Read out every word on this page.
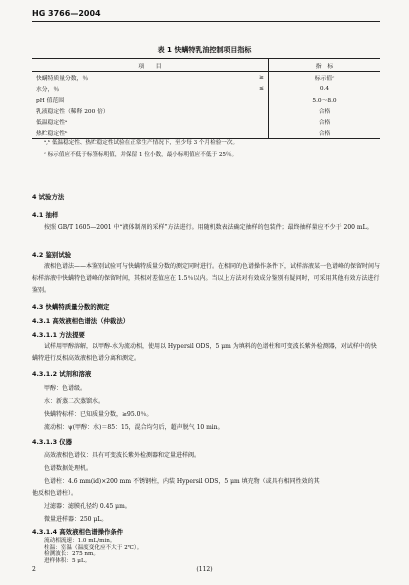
HG 3766—2004
表 1 快螨特乳油控制项目指标
项　　目		指　标
快螨特质量分数，％	≥	标示值ᶜ
水分，％	≤	0.4
pH 值范围		5.0～8.0
乳液稳定性（稀释 200 倍）		合格
低温稳定性ᵃ		合格
热贮稳定性ᵇ		合格
ᵃ,ᵇ 低温稳定性、热贮稳定性试验在正常生产情况下，至少每 3 个月检验一次。
ᶜ 标示值应不低于标签标明值，并保留 1 位小数，最小标明值应不低于 25％。
4 试验方法
4.1 抽样
按照 GB/T 1605—2001 中“液体制剂的采样”方法进行。用随机数表法确定抽样的包装件；最终抽样量应不少于 200 mL。
4.2 鉴别试验
液相色谱法——本鉴别试验可与快螨特质量分数的测定同时进行。在相同的色谱操作条件下，试样溶液某一色谱峰的保留时间与标样溶液中快螨特色谱峰的保留时间，其相对差值应在 1.5％以内。当以上方法对有效成分鉴别有疑问时，可采用其他有效方法进行鉴别。
4.3 快螨特质量分数的测定
4.3.1 高效液相色谱法（仲裁法）
4.3.1.1 方法提要
试样用甲醇溶解，以甲醇-水为流动相，使用以 Hypersil ODS，5 μm 为填料的色谱柱和可变波长紫外检测器，对试样中的快螨特进行反相高效液相色谱分离和测定。
4.3.1.2 试剂和溶液
甲醇：色谱级。
水：新蒸二次蒸馏水。
快螨特标样：已知质量分数，≥95.0％。
流动相：ψ(甲醇：水)＝85：15，混合均匀后，超声脱气 10 min。
4.3.1.3 仪器
高效液相色谱仪：具有可变波长紫外检测器和定量进样阀。
色谱数据处理机。
色谱柱：4.6 mm(id)×200 mm 不锈钢柱，内装 Hypersil ODS，5 μm 填充物（或具有相同性效的其
他反相色谱柱）。
过滤器：滤膜孔径约 0.45 μm。
微量进样器：250 μL。
4.3.1.4 高效液相色谱操作条件
流动相流速：1.0 mL/min。
柱温：室温（温度变化应不大于 2℃）。
检测波长：275 nm。
进样体积：5 μL。
2	(112)
